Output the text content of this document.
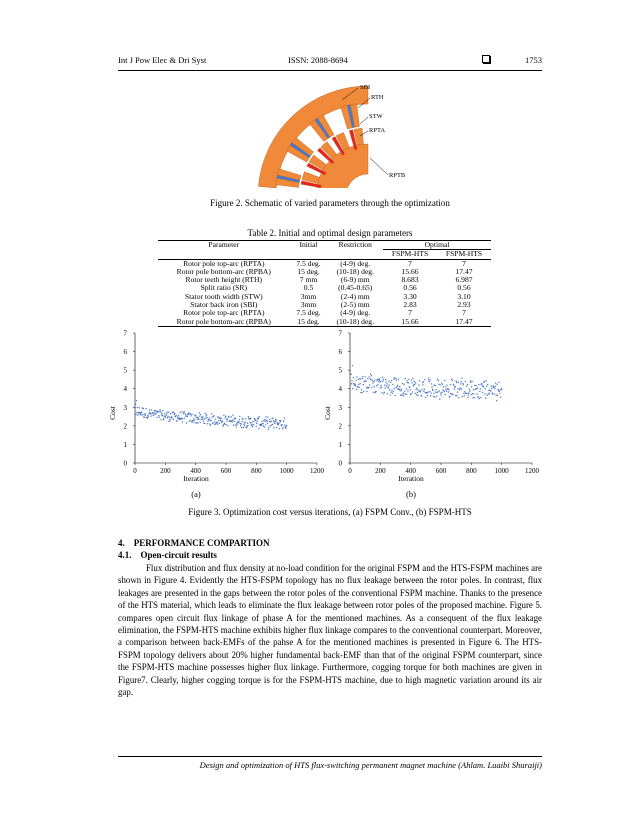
Int J Pow Elec & Dri Syst	ISSN: 2088-8694	1753
SBI
RTH
STW
RPTA
RPTB
Figure 2. Schematic of varied parameters through the optimization
Table 2. Initial and optimal design parameters
Parameter	Initial	Restriction	Optimal	
			FSPM-HTS	FSPM-HTS
Rotor pole top-arc (RPTA)	7.5 deg.	(4-9) deg.	7	7
Rotor pole bottom-arc (RPBA)	15 deg.	(10-18) deg.	15.66	17.47
Rotor teeth height (RTH)	7 mm	(6-9) mm	8.683	6.987
Split ratio (SR)	0.5	(0.45-0.65)	0.56	0.56
Stator tooth width (STW)	3mm	(2-4) mm	3.30	3.10
Stator back iron (SBI)	3mm	(2-5) mm	2.83	2.93
Rotor pole top-arc (RPTA)	7.5 deg.	(4-9) deg.	7	7
Rotor pole bottom-arc (RPBA)	15 deg.	(10-18) deg.	15.66	17.47
0
1
2
3
4
5
6
7
0	200	400	600	800	1000 1200
Iteration
Cost
(a)
0
1
2
3
4
5
6
7
0	200	400	600	800	1000 1200
Iteration
Cost
(b)
Figure 3. Optimization cost versus iterations, (a) FSPM Conv., (b) FSPM-HTS
4. PERFORMANCE COMPARTION
4.1. Open-circuit results
Flux distribution and flux density at no-load condition for the original FSPM and the HTS-FSPM machines are shown in Figure 4. Evidently the HTS-FSPM topology has no flux leakage between the rotor poles. In contrast, flux leakages are presented in the gaps between the rotor poles of the conventional FSPM machine. Thanks to the presence of the HTS material, which leads to eliminate the flux leakage between rotor poles of the proposed machine. Figure 5. compares open circuit flux linkage of phase A for the mentioned machines. As a consequent of the flux leakage elimination, the FSPM-HTS machine exhibits higher flux linkage compares to the conventional counterpart. Moreover, a comparison between back-EMFs of the pahse A for the mentioned machines is presented in Figure 6. The HTS-FSPM topology delivers about 20% higher fundamental back-EMF than that of the original FSPM counterpart, since the FSPM-HTS machine possesses higher flux linkage. Furthermore, cogging torque for both machines are given in Figure7. Clearly, higher cogging torque is for the FSPM-HTS machine, due to high magnetic variation around its air gap.
Design and optimization of HTS flux-switching permanent magnet machine (Ahlam. Luaibi Shuraiji)
